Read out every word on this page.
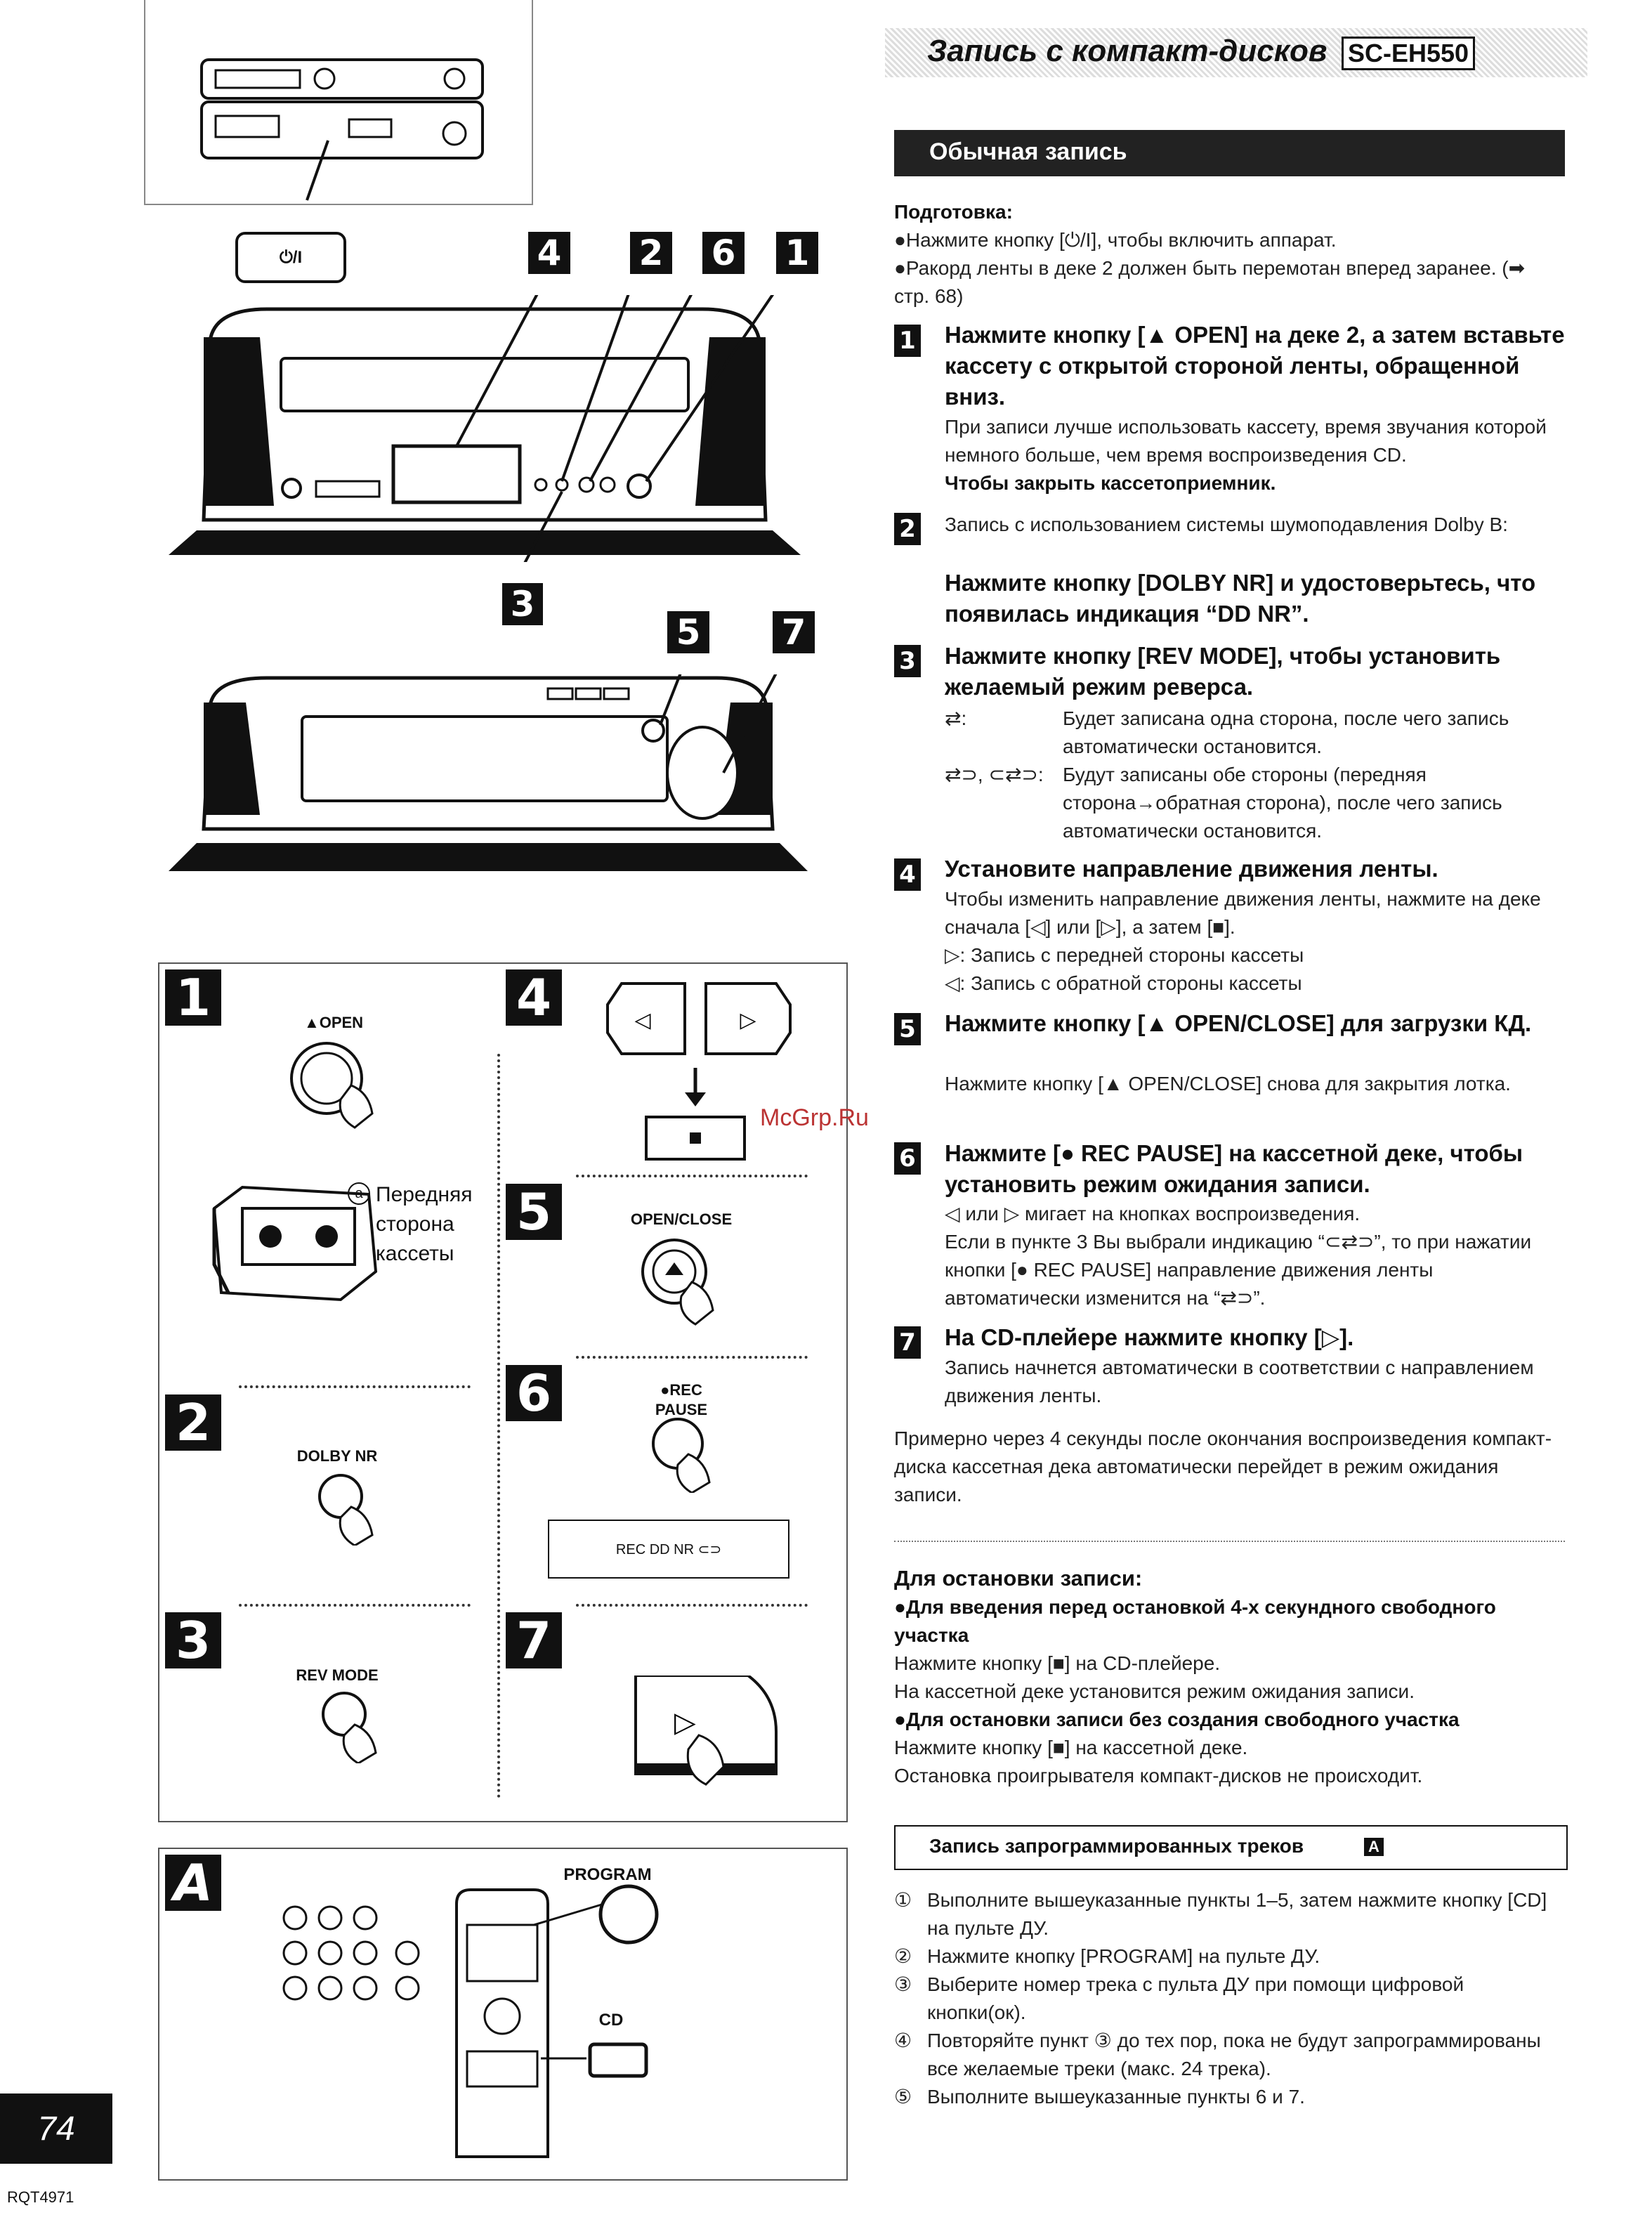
⏻/I	4 2 6 1
3
5 7
1	▲OPEN
a Передняя сторона кассеты
2
DOLBY NR
3
REV MODE
4	◁	▷
5	OPEN/CLOSE
6	●REC PAUSE
REC DD NR ⊂⊃
7
▷
A	PROGRAM
CD
74
RQT4971
Запись с компакт-дисков SC-EH550
Обычная запись
Подготовка:
●Нажмите кнопку [⏻/I], чтобы включить аппарат.
●Ракорд ленты в деке 2 должен быть перемотан вперед заранее. (➡ стр. 68)
1 Нажмите кнопку [▲ OPEN] на деке 2, а затем вставьте кассету с открытой стороной ленты, обращенной вниз.
При записи лучше использовать кассету, время звучания которой немного больше, чем время воспроизведения CD.
Чтобы закрыть кассетоприемник.
2 Запись с использованием системы шумоподавления Dolby B:
Нажмите кнопку [DOLBY NR] и удостоверьтесь, что появилась индикация “DD NR”.
3 Нажмите кнопку [REV MODE], чтобы установить желаемый режим реверса.
⇄:	Будет записана одна сторона, после чего запись автоматически остановится.
⇄⊃, ⊂⇄⊃: Будут записаны обе стороны (передняя сторона→обратная сторона), после чего запись автоматически остановится.
4 Установите направление движения ленты.
Чтобы изменить направление движения ленты, нажмите на деке сначала [◁] или [▷], а затем [■].
▷: Запись с передней стороны кассеты
◁: Запись с обратной стороны кассеты
5 Нажмите кнопку [▲ OPEN/CLOSE] для загрузки КД.
Нажмите кнопку [▲ OPEN/CLOSE] снова для закрытия лотка.
McGrp.Ru
6 Нажмите [● REC PAUSE] на кассетной деке, чтобы установить режим ожидания записи.
◁ или ▷ мигает на кнопках воспроизведения.
Если в пункте 3 Вы выбрали индикацию “⊂⇄⊃”, то при нажатии кнопки [● REC PAUSE] направление движения ленты автоматически изменится на “⇄⊃”.
7 На CD-плейере нажмите кнопку [▷].
Запись начнется автоматически в соответствии с направлением движения ленты.
Примерно через 4 секунды после окончания воспроизведения компакт-диска кассетная дека автоматически перейдет в режим ожидания записи.
Для остановки записи:
●Для введения перед остановкой 4-х секундного свободного участка
Нажмите кнопку [■] на CD-плейере.
На кассетной деке установится режим ожидания записи.
●Для остановки записи без создания свободного участка
Нажмите кнопку [■] на кассетной деке.
Остановка проигрывателя компакт-дисков не происходит.
Запись запрограммированных треков	A
① Выполните вышеуказанные пункты 1–5, затем нажмите кнопку [CD] на пульте ДУ.
② Нажмите кнопку [PROGRAM] на пульте ДУ.
③ Выберите номер трека с пульта ДУ при помощи цифровой кнопки(ок).
④ Повторяйте пункт ③ до тех пор, пока не будут запрограммированы все желаемые треки (макс. 24 трека).
⑤ Выполните вышеуказанные пункты 6 и 7.
